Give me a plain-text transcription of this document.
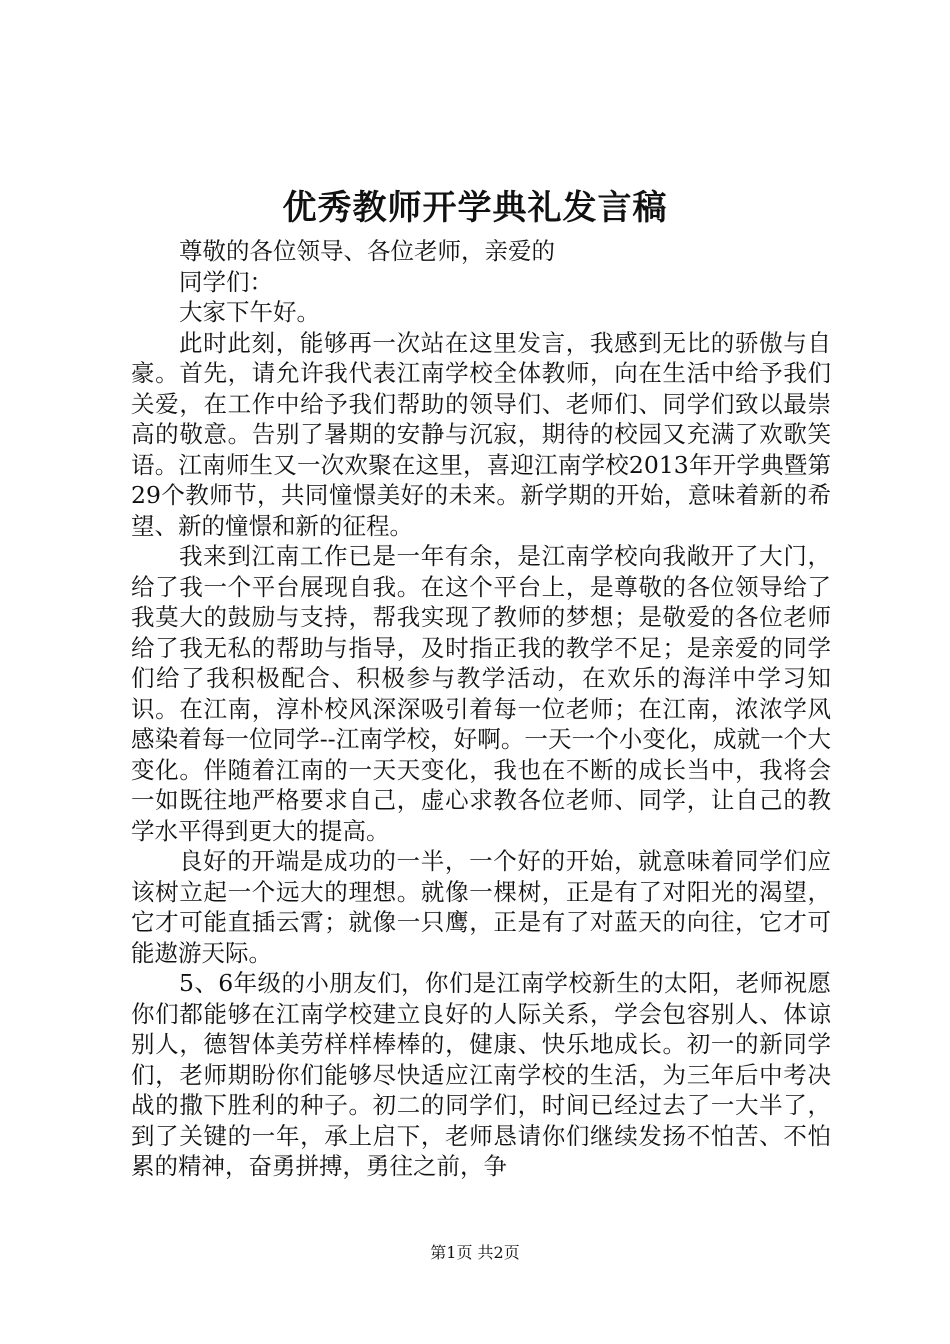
优秀教师开学典礼发言稿

尊敬的各位领导、各位老师，亲爱的

同学们：

大家下午好。

此时此刻，能够再一次站在这里发言，我感到无比的骄傲与自豪。首先，请允许我代表江南学校全体教师，向在生活中给予我们关爱，在工作中给予我们帮助的领导们、老师们、同学们致以最崇高的敬意。告别了暑期的安静与沉寂，期待的校园又充满了欢歌笑语。江南师生又一次欢聚在这里，喜迎江南学校2013年开学典暨第29个教师节，共同憧憬美好的未来。新学期的开始，意味着新的希望、新的憧憬和新的征程。

我来到江南工作已是一年有余，是江南学校向我敞开了大门，给了我一个平台展现自我。在这个平台上，是尊敬的各位领导给了我莫大的鼓励与支持，帮我实现了教师的梦想；是敬爱的各位老师给了我无私的帮助与指导，及时指正我的教学不足；是亲爱的同学们给了我积极配合、积极参与教学活动，在欢乐的海洋中学习知识。在江南，淳朴校风深深吸引着每一位老师；在江南，浓浓学风感染着每一位同学--江南学校，好啊。一天一个小变化，成就一个大变化。伴随着江南的一天天变化，我也在不断的成长当中，我将会一如既往地严格要求自己，虚心求教各位老师、同学，让自己的教学水平得到更大的提高。

良好的开端是成功的一半，一个好的开始，就意味着同学们应该树立起一个远大的理想。就像一棵树，正是有了对阳光的渴望，它才可能直插云霄；就像一只鹰，正是有了对蓝天的向往，它才可能遨游天际。

5、6年级的小朋友们，你们是江南学校新生的太阳，老师祝愿你们都能够在江南学校建立良好的人际关系，学会包容别人、体谅别人，德智体美劳样样棒棒的，健康、快乐地成长。初一的新同学们，老师期盼你们能够尽快适应江南学校的生活，为三年后中考决战的撒下胜利的种子。初二的同学们，时间已经过去了一大半了，到了关键的一年，承上启下，老师恳请你们继续发扬不怕苦、不怕累的精神，奋勇拼搏，勇往之前，争

第1页 共2页
